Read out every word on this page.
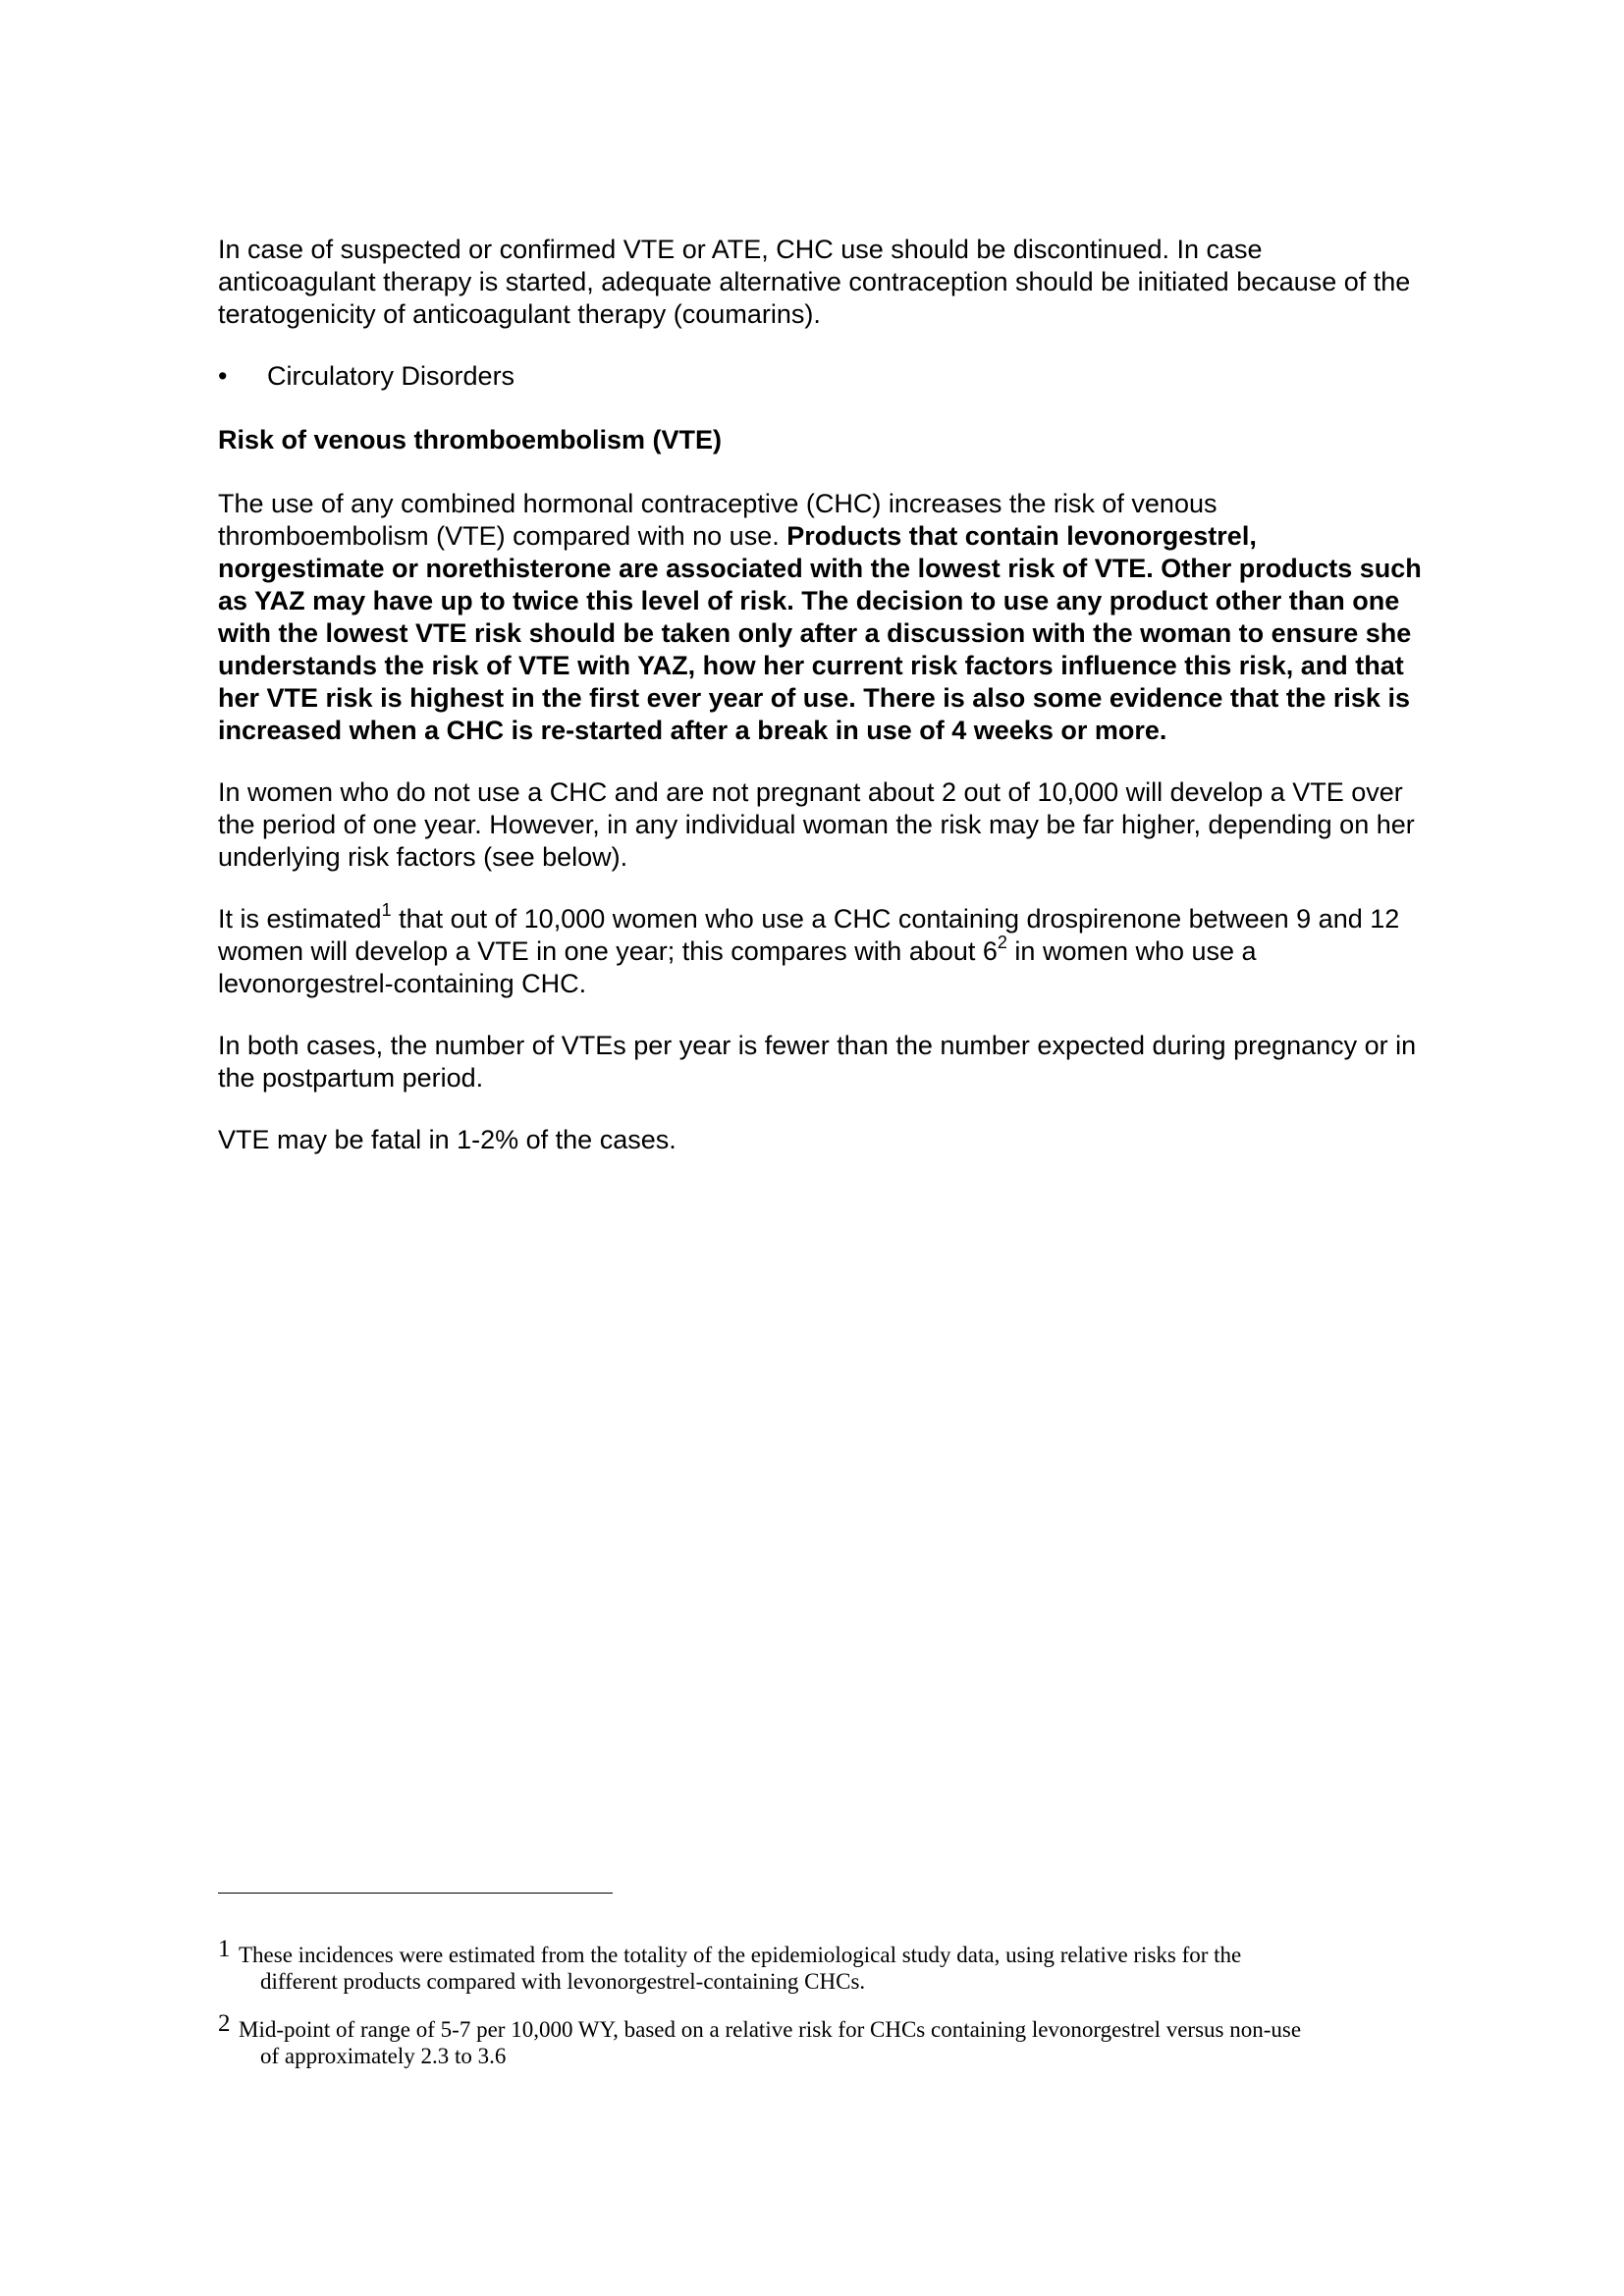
In case of suspected or confirmed VTE or ATE, CHC use should be discontinued. In case anticoagulant therapy is started, adequate alternative contraception should be initiated because of the teratogenicity of anticoagulant therapy (coumarins).

• Circulatory Disorders

Risk of venous thromboembolism (VTE)

The use of any combined hormonal contraceptive (CHC) increases the risk of venous thromboembolism (VTE) compared with no use. Products that contain levonorgestrel, norgestimate or norethisterone are associated with the lowest risk of VTE. Other products such as YAZ may have up to twice this level of risk. The decision to use any product other than one with the lowest VTE risk should be taken only after a discussion with the woman to ensure she understands the risk of VTE with YAZ, how her current risk factors influence this risk, and that her VTE risk is highest in the first ever year of use. There is also some evidence that the risk is increased when a CHC is re-started after a break in use of 4 weeks or more.

In women who do not use a CHC and are not pregnant about 2 out of 10,000 will develop a VTE over the period of one year. However, in any individual woman the risk may be far higher, depending on her underlying risk factors (see below).

It is estimated$^1$ that out of 10,000 women who use a CHC containing drospirenone between 9 and 12 women will develop a VTE in one year; this compares with about $6^2$ in women who use a levonorgestrel-containing CHC.

In both cases, the number of VTEs per year is fewer than the number expected during pregnancy or in the postpartum period.

VTE may be fatal in 1-2% of the cases.

1 These incidences were estimated from the totality of the epidemiological study data, using relative risks for the
different products compared with levonorgestrel-containing CHCs.
2 Mid-point of range of 5-7 per 10,000 WY, based on a relative risk for CHCs containing levonorgestrel versus non-use
of approximately 2.3 to 3.6
